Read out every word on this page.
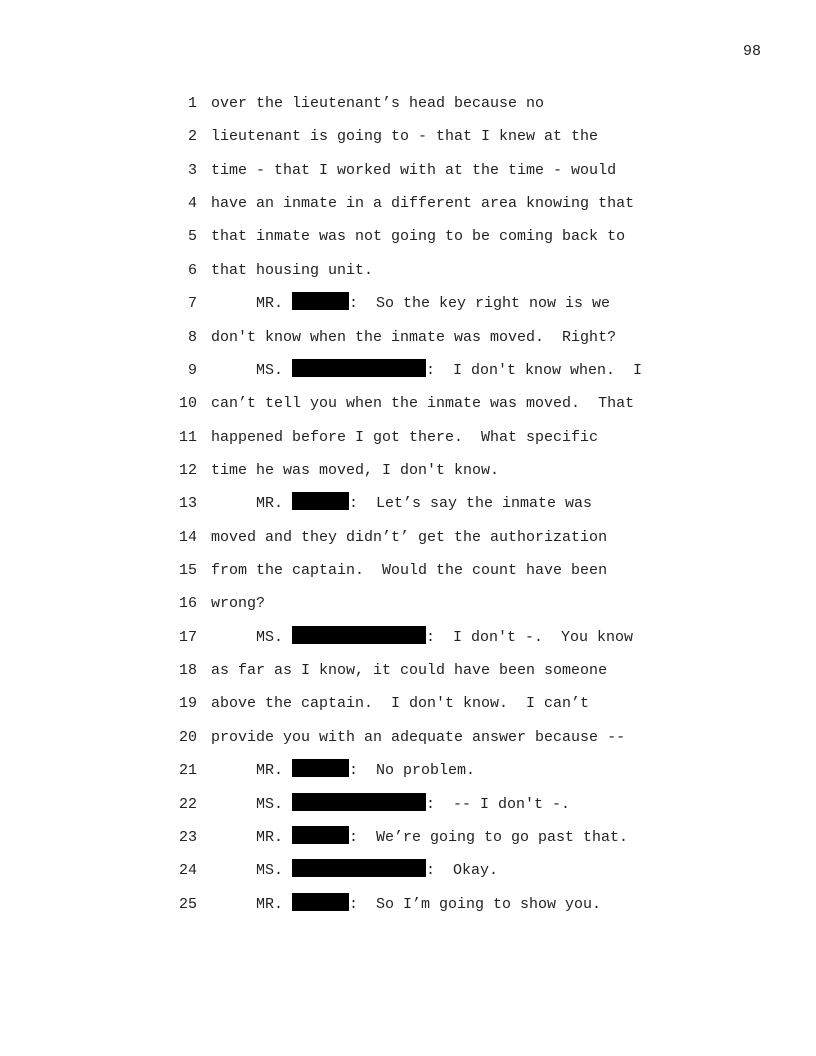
98
1 over the lieutenant’s head because no
2 lieutenant is going to - that I knew at the
3 time - that I worked with at the time - would
4 have an inmate in a different area knowing that
5 that inmate was not going to be coming back to
6 that housing unit.
7 MR.	:  So the key right now is we
8 don't know when the inmate was moved.  Right?
9 MS.	:  I don't know when.  I
10 can’t tell you when the inmate was moved.  That
11 happened before I got there.  What specific
12 time he was moved, I don't know.
13 MR.	:  Let’s say the inmate was
14 moved and they didn’t’ get the authorization
15 from the captain.  Would the count have been
16 wrong?
17 MS.	:  I don't -.  You know
18 as far as I know, it could have been someone
19 above the captain.  I don't know.  I can’t
20 provide you with an adequate answer because --
21 MR.	:  No problem.
22 MS.	:  -- I don't -.
23 MR.	:  We’re going to go past that.
24 MS.	:  Okay.
25 MR.	:  So I’m going to show you.
